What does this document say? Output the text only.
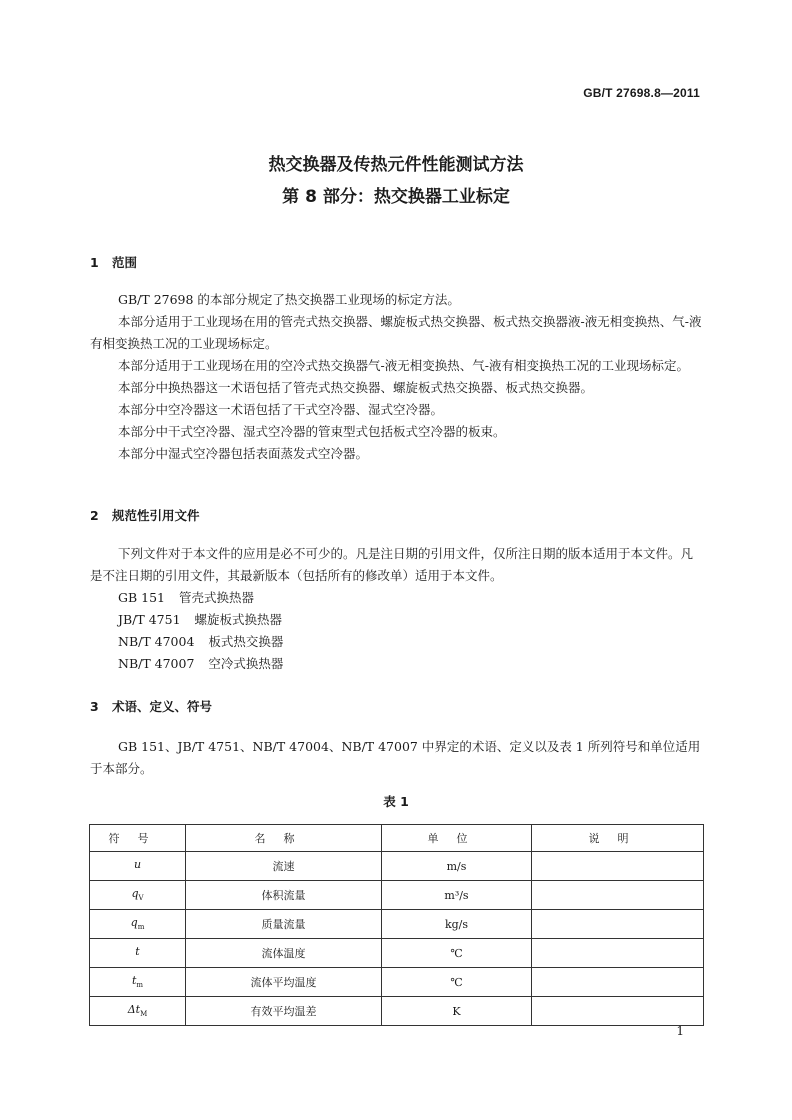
GB/T 27698.8—2011
热交换器及传热元件性能测试方法
第 8 部分：热交换器工业标定
1 范围

GB/T 27698 的本部分规定了热交换器工业现场的标定方法。

本部分适用于工业现场在用的管壳式热交换器、螺旋板式热交换器、板式热交换器液-液无相变换热、气-液有相变换热工况的工业现场标定。

本部分适用于工业现场在用的空冷式热交换器气-液无相变换热、气-液有相变换热工况的工业现场标定。

本部分中换热器这一术语包括了管壳式热交换器、螺旋板式热交换器、板式热交换器。

本部分中空冷器这一术语包括了干式空冷器、湿式空冷器。

本部分中干式空冷器、湿式空冷器的管束型式包括板式空冷器的板束。

本部分中湿式空冷器包括表面蒸发式空冷器。

2 规范性引用文件

下列文件对于本文件的应用是必不可少的。凡是注日期的引用文件，仅所注日期的版本适用于本文件。凡是不注日期的引用文件，其最新版本（包括所有的修改单）适用于本文件。

GB 151 管壳式换热器
JB/T 4751 螺旋板式换热器
NB/T 47004 板式热交换器
NB/T 47007 空冷式换热器
3 术语、定义、符号

GB 151、JB/T 4751、NB/T 47004、NB/T 47007 中界定的术语、定义以及表 1 所列符号和单位适用于本部分。

表 1
符号	名称	单位	说明
u	流速	m/s	
$q_V$	体积流量	m³/s	
$q_m$	质量流量	kg/s	
t	流体温度	℃	
$t_m$	流体平均温度	℃	
$\Delta t_M$	有效平均温差	K	
1
